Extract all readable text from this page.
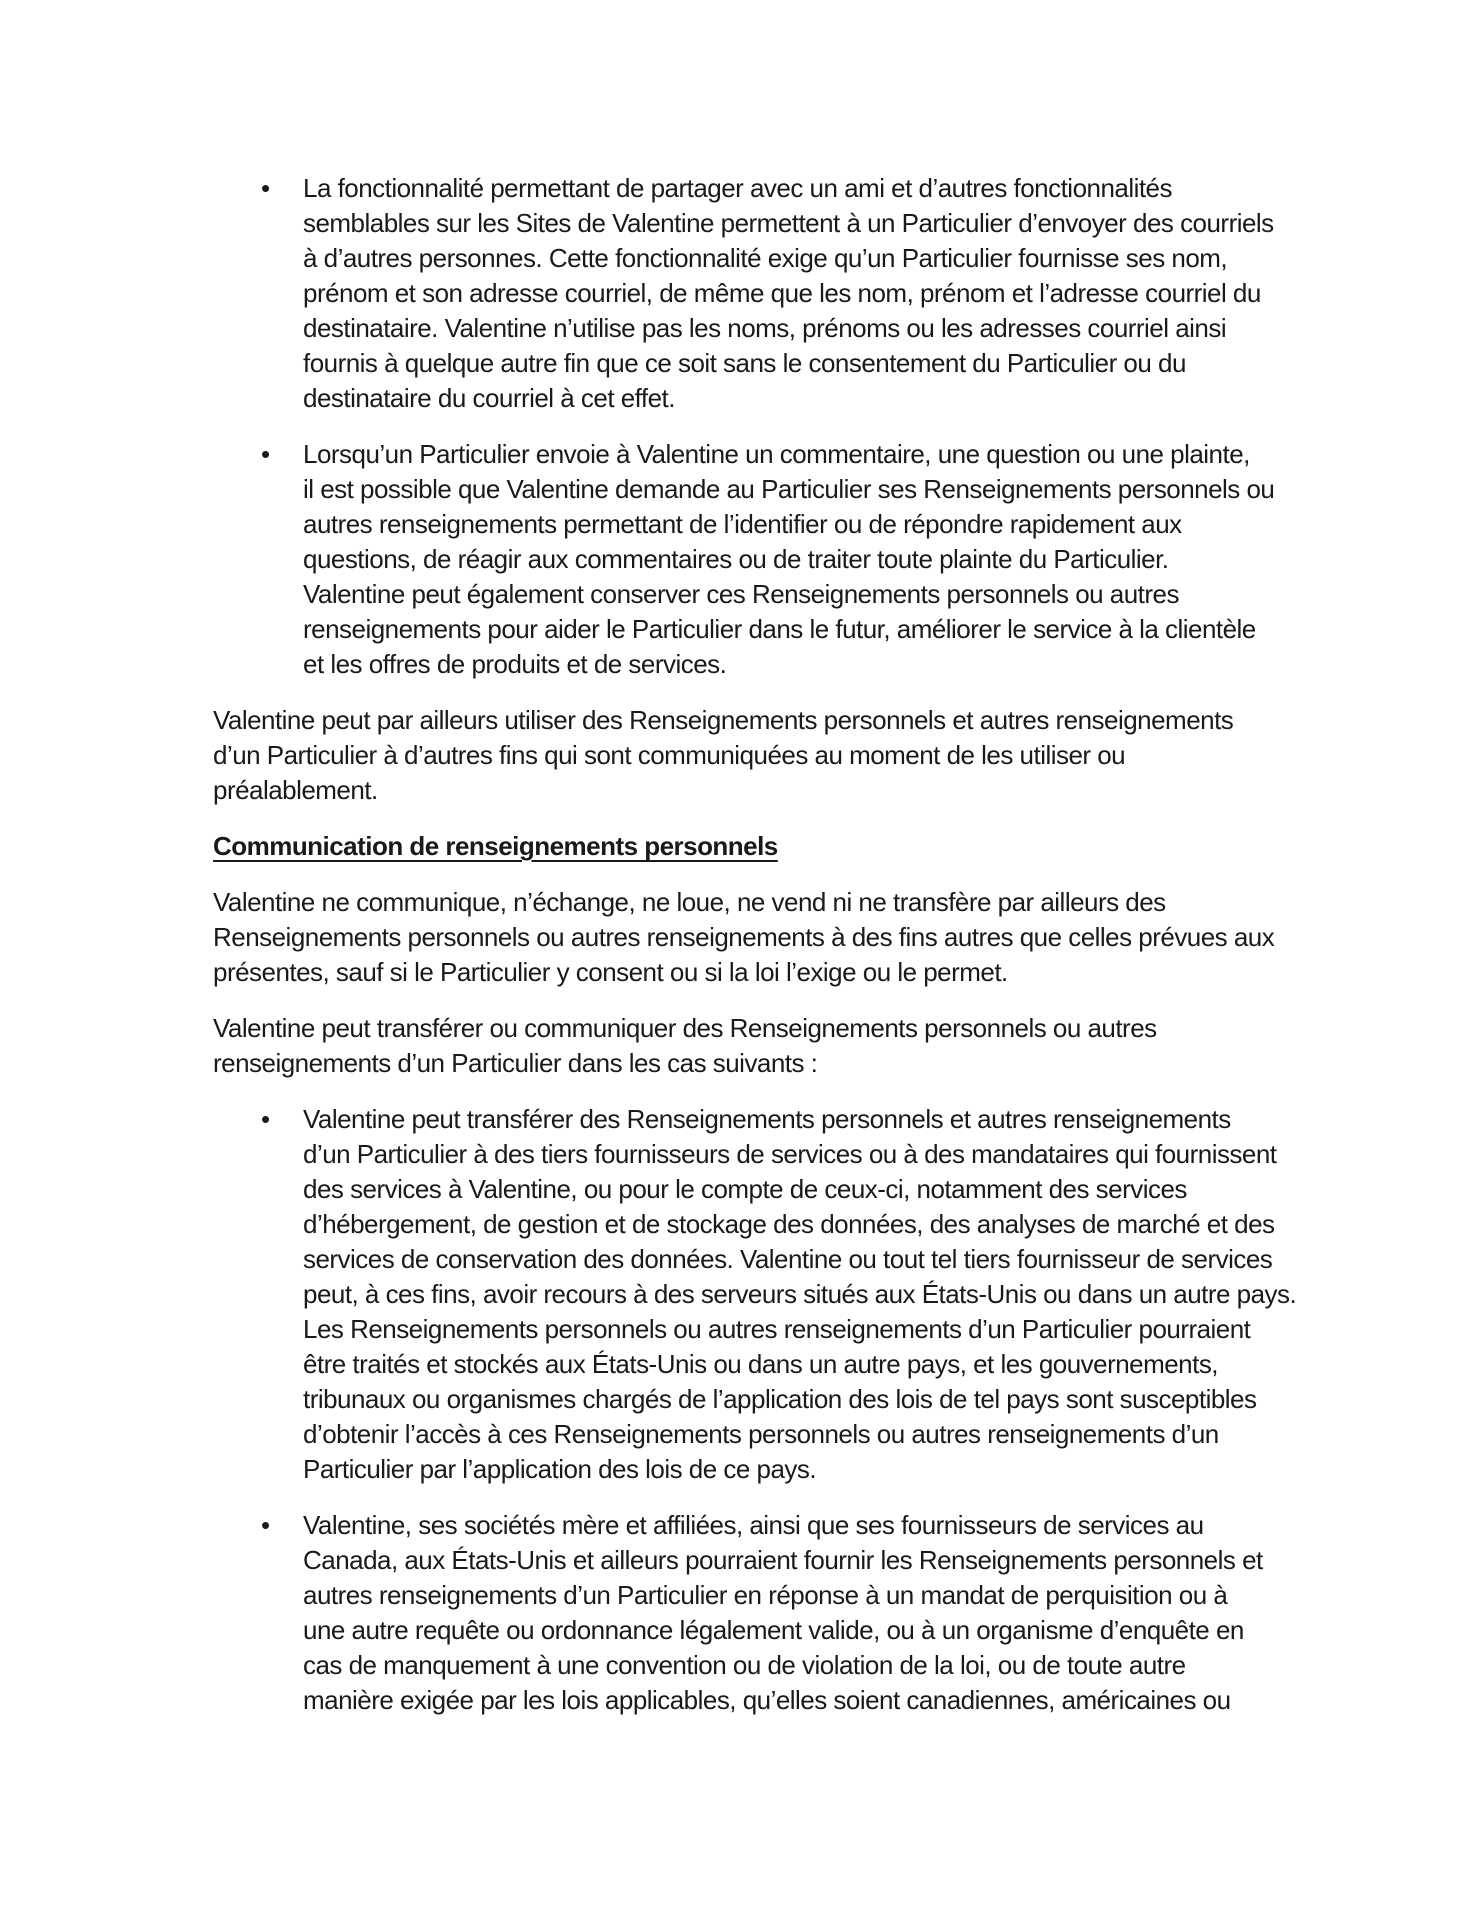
• La fonctionnalité permettant de partager avec un ami et d’autres fonctionnalités
semblables sur les Sites de Valentine permettent à un Particulier d’envoyer des courriels
à d’autres personnes. Cette fonctionnalité exige qu’un Particulier fournisse ses nom,
prénom et son adresse courriel, de même que les nom, prénom et l’adresse courriel du
destinataire. Valentine n’utilise pas les noms, prénoms ou les adresses courriel ainsi
fournis à quelque autre fin que ce soit sans le consentement du Particulier ou du
destinataire du courriel à cet effet.
• Lorsqu’un Particulier envoie à Valentine un commentaire, une question ou une plainte,
il est possible que Valentine demande au Particulier ses Renseignements personnels ou
autres renseignements permettant de l’identifier ou de répondre rapidement aux
questions, de réagir aux commentaires ou de traiter toute plainte du Particulier.
Valentine peut également conserver ces Renseignements personnels ou autres
renseignements pour aider le Particulier dans le futur, améliorer le service à la clientèle
et les offres de produits et de services.
Valentine peut par ailleurs utiliser des Renseignements personnels et autres renseignements
d’un Particulier à d’autres fins qui sont communiquées au moment de les utiliser ou
préalablement.
Communication de renseignements personnels
Valentine ne communique, n’échange, ne loue, ne vend ni ne transfère par ailleurs des
Renseignements personnels ou autres renseignements à des fins autres que celles prévues aux
présentes, sauf si le Particulier y consent ou si la loi l’exige ou le permet.
Valentine peut transférer ou communiquer des Renseignements personnels ou autres
renseignements d’un Particulier dans les cas suivants :
• Valentine peut transférer des Renseignements personnels et autres renseignements
d’un Particulier à des tiers fournisseurs de services ou à des mandataires qui fournissent
des services à Valentine, ou pour le compte de ceux-ci, notamment des services
d’hébergement, de gestion et de stockage des données, des analyses de marché et des
services de conservation des données. Valentine ou tout tel tiers fournisseur de services
peut, à ces fins, avoir recours à des serveurs situés aux États-Unis ou dans un autre pays.
Les Renseignements personnels ou autres renseignements d’un Particulier pourraient
être traités et stockés aux États-Unis ou dans un autre pays, et les gouvernements,
tribunaux ou organismes chargés de l’application des lois de tel pays sont susceptibles
d’obtenir l’accès à ces Renseignements personnels ou autres renseignements d’un
Particulier par l’application des lois de ce pays.
• Valentine, ses sociétés mère et affiliées, ainsi que ses fournisseurs de services au
Canada, aux États-Unis et ailleurs pourraient fournir les Renseignements personnels et
autres renseignements d’un Particulier en réponse à un mandat de perquisition ou à
une autre requête ou ordonnance légalement valide, ou à un organisme d’enquête en
cas de manquement à une convention ou de violation de la loi, ou de toute autre
manière exigée par les lois applicables, qu’elles soient canadiennes, américaines ou
